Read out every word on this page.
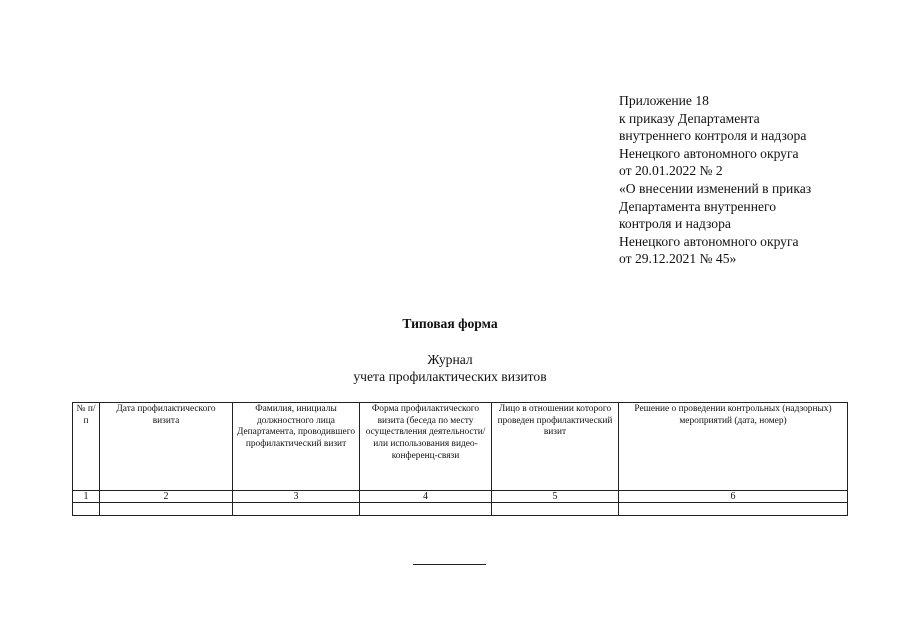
Приложение 18
к приказу Департамента
внутреннего контроля и надзора
Ненецкого автономного округа
от 20.01.2022 № 2
«О внесении изменений в приказ
Департамента внутреннего
контроля и надзора
Ненецкого автономного округа
от 29.12.2021 № 45»
Типовая форма
Журнал
учета профилактических визитов
№ п/п	Дата профилактического визита	Фамилия, инициалы должностного лица Департамента, проводившего профилактический визит	Форма профилактического визита (беседа по месту осуществления деятельности/ или использования видео-конференц-связи	Лицо в отношении которого проведен профилактический визит	Решение о проведении контрольных (надзорных) мероприятий (дата, номер)
1	2	3	4	5	6
